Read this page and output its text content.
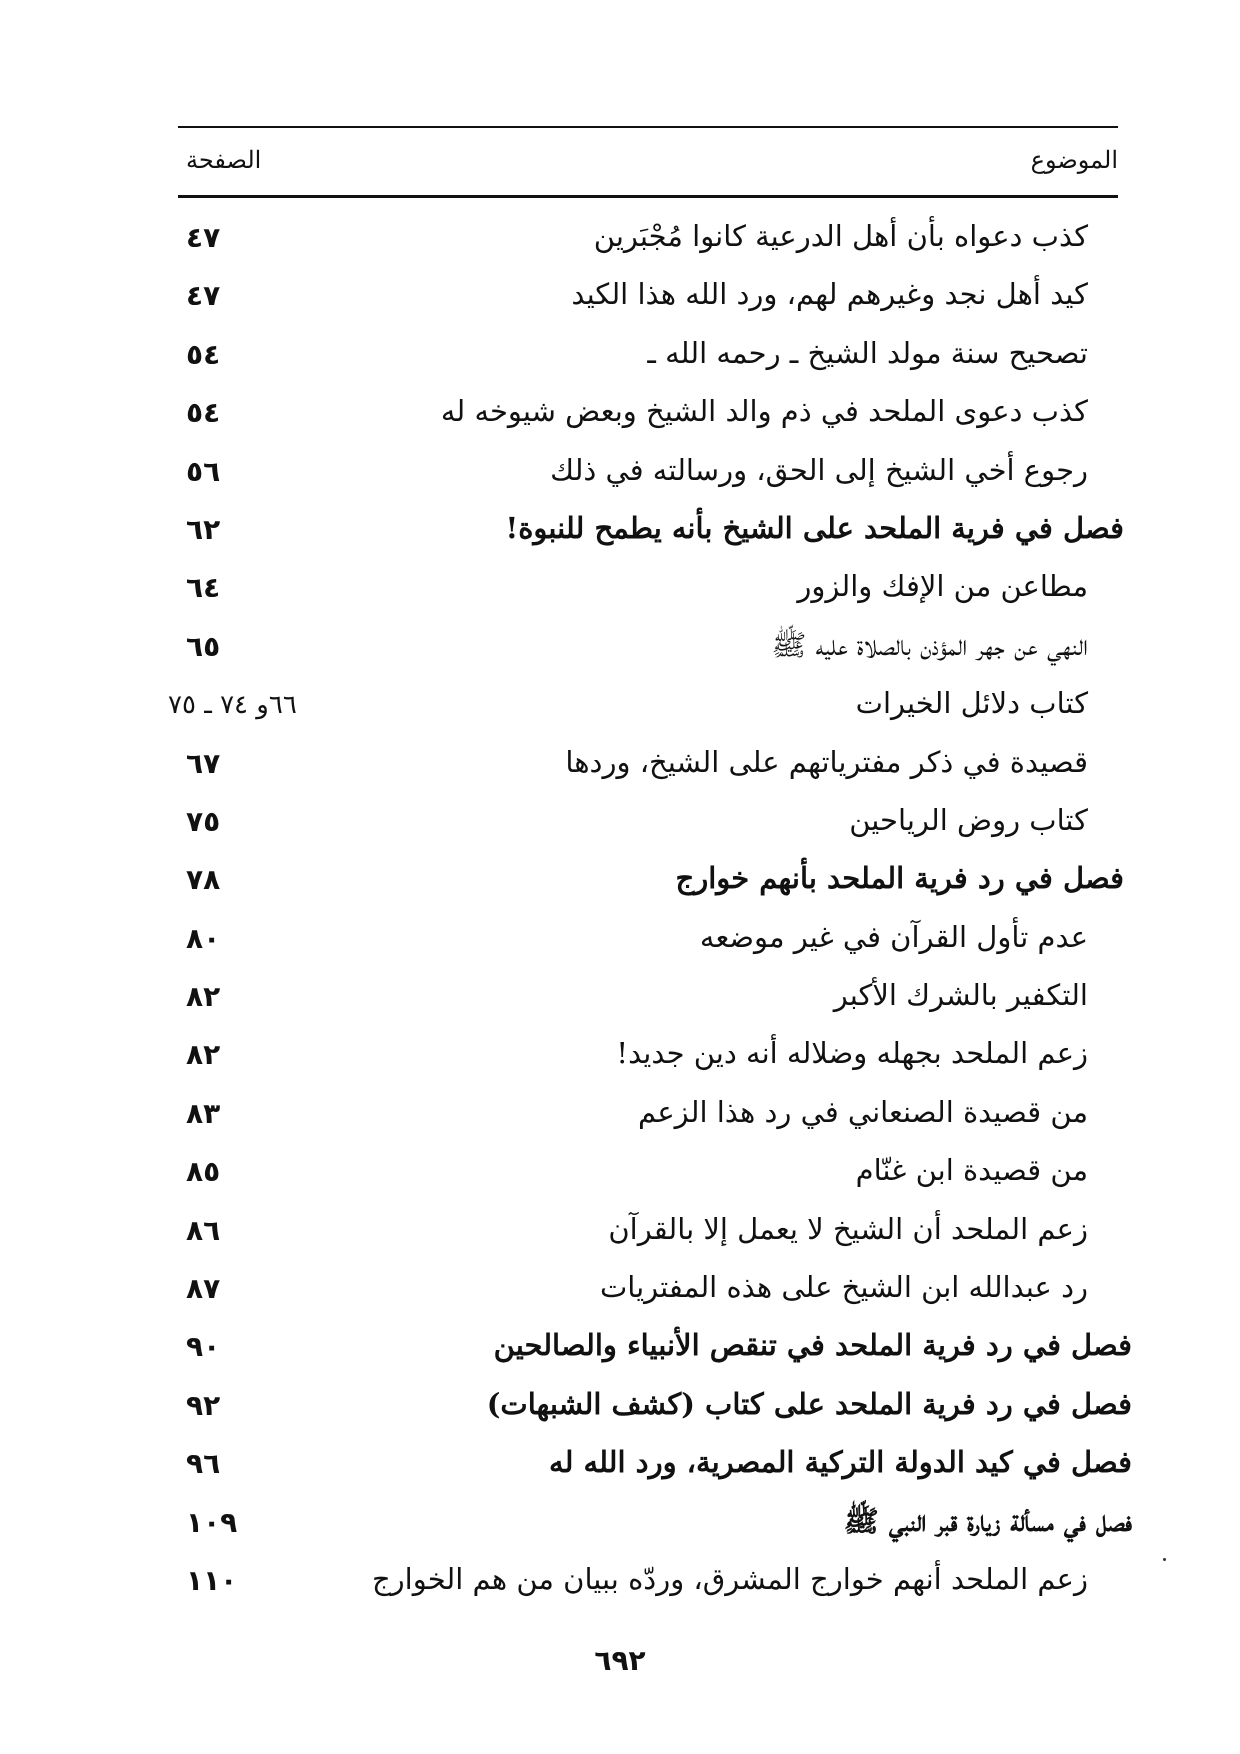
الموضوع
الصفحة
كذب دعواه بأن أهل الدرعية كانوا مُجْبَرين
٤٧
كيد أهل نجد وغيرهم لهم، ورد الله هذا الكيد
٤٧
تصحيح سنة مولد الشيخ ـ رحمه الله ـ
٥٤
كذب دعوى الملحد في ذم والد الشيخ وبعض شيوخه له
٥٤
رجوع أخي الشيخ إلى الحق، ورسالته في ذلك
٥٦
فصل في فرية الملحد على الشيخ بأنه يطمح للنبوة!
٦٢
مطاعن من الإفك والزور
٦٤
النهي عن جهر المؤذن بالصلاة عليه ﷺ
٦٥
كتاب دلائل الخيرات
٦٦و ٧٤ ـ ٧٥
قصيدة في ذكر مفترياتهم على الشيخ، وردها
٦٧
كتاب روض الرياحين
٧٥
فصل في رد فرية الملحد بأنهم خوارج
٧٨
عدم تأول القرآن في غير موضعه
٨٠
التكفير بالشرك الأكبر
٨٢
زعم الملحد بجهله وضلاله أنه دين جديد!
٨٢
من قصيدة الصنعاني في رد هذا الزعم
٨٣
من قصيدة ابن غنّام
٨٥
زعم الملحد أن الشيخ لا يعمل إلا بالقرآن
٨٦
رد عبدالله ابن الشيخ على هذه المفتريات
٨٧
فصل في رد فرية الملحد في تنقص الأنبياء والصالحين
٩٠
فصل في رد فرية الملحد على كتاب (كشف الشبهات)
٩٢
فصل في كيد الدولة التركية المصرية، ورد الله له
٩٦
فصل في مسألة زيارة قبر النبي ﷺ
١٠٩
زعم الملحد أنهم خوارج المشرق، وردّه ببيان من هم الخوارج
١١٠
٦٩٢
